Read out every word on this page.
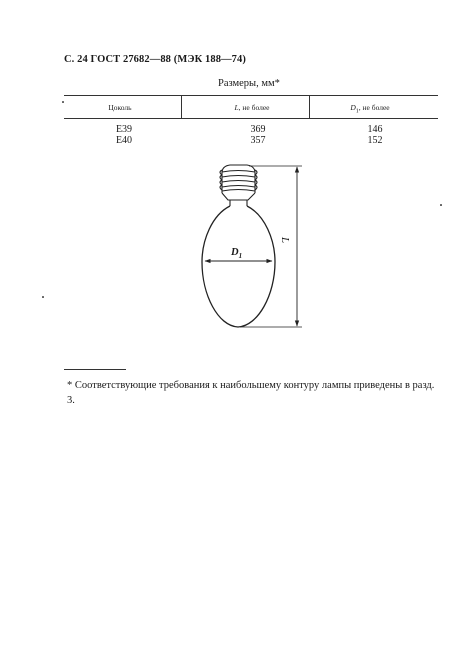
С. 24 ГОСТ 27682—88 (МЭК 188—74)
Размеры, мм*
Цоколь	L, не более	$D_1$, не более
E39	369	146
E40	357	152
$D_1$
L
* Соответствующие требования к наибольшему контуру лампы приведены в разд. 3.
